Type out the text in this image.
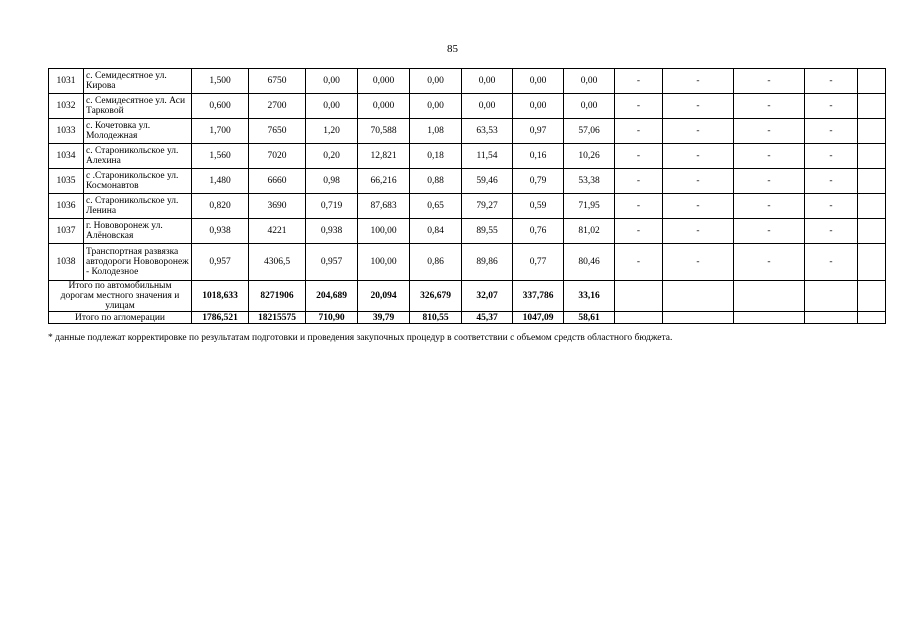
85
1031	с. Семидесятное ул. Кирова	1,500	6750	0,00	0,000	0,00	0,00	0,00	0,00	-	-	-	-	
1032	с. Семидесятное ул. Аси Тарковой	0,600	2700	0,00	0,000	0,00	0,00	0,00	0,00	-	-	-	-	
1033	с. Кочетовка ул. Молодежная	1,700	7650	1,20	70,588	1,08	63,53	0,97	57,06	-	-	-	-	
1034	с. Староникольское ул. Алехина	1,560	7020	0,20	12,821	0,18	11,54	0,16	10,26	-	-	-	-	
1035	с .Староникольское ул. Космонавтов	1,480	6660	0,98	66,216	0,88	59,46	0,79	53,38	-	-	-	-	
1036	с. Староникольское ул. Ленина	0,820	3690	0,719	87,683	0,65	79,27	0,59	71,95	-	-	-	-	
1037	г. Нововоронеж ул. Алёновская	0,938	4221	0,938	100,00	0,84	89,55	0,76	81,02	-	-	-	-	
1038	Транспортная развязка автодороги Нововоронеж - Колодезное	0,957	4306,5	0,957	100,00	0,86	89,86	0,77	80,46	-	-	-	-	
Итого по автомобильным дорогам местного значения и улицам		1018,633	8271906	204,689	20,094	326,679	32,07	337,786	33,16					
Итого по агломерации		1786,521	18215575	710,90	39,79	810,55	45,37	1047,09	58,61					
* данные подлежат корректировке по результатам подготовки и проведения закупочных процедур в соответствии с объемом средств областного бюджета.
